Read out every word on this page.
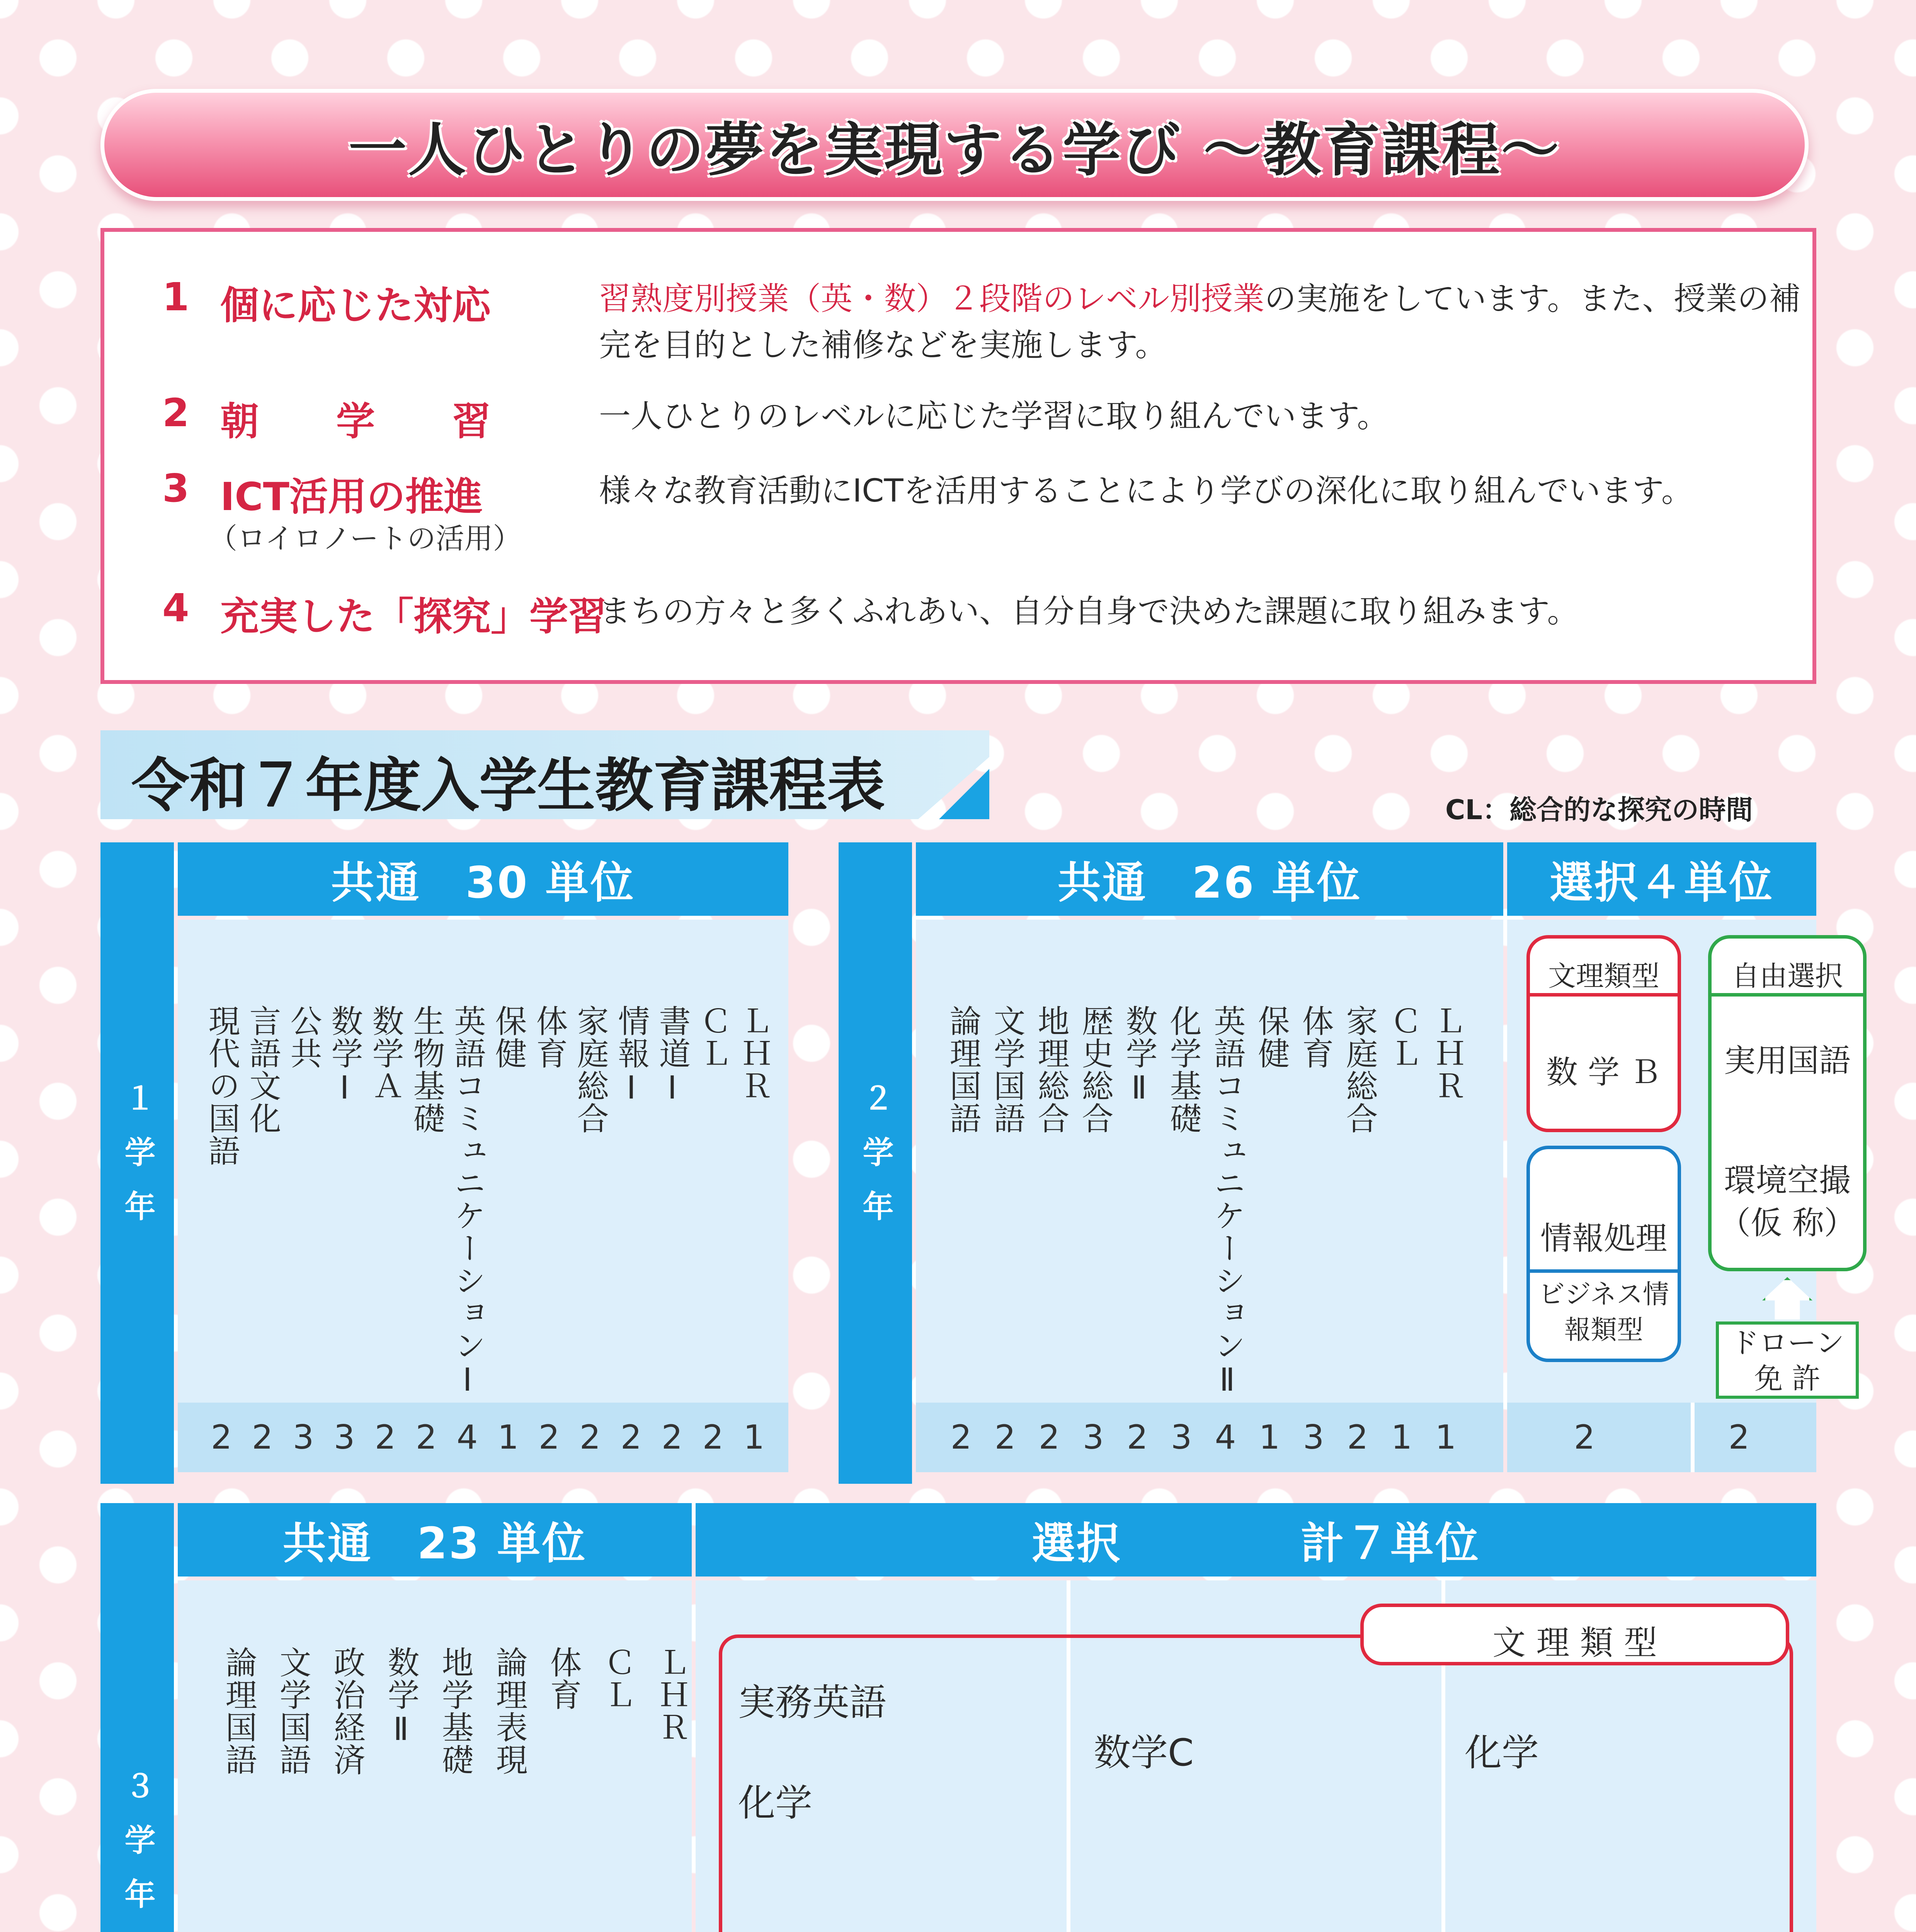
一人ひとりの夢を実現する学び ～教育課程～
1 個に応じた対応	習熟度別授業（英・数）２段階のレベル別授業の実施をしています。また、授業の補完を目的とした補修などを実施します。
2 朝　　学　　習	一人ひとりのレベルに応じた学習に取り組んでいます。
3 ICT活用の推進
（ロイロノートの活用）
様々な教育活動にICTを活用することにより学びの深化に取り組んでいます。
4 充実した「探究」学習
まちの方々と多くふれあい、自分自身で決めた課題に取り組みます。
令和７年度入学生教育課程表	CL：総合的な探究の時間
１学年
共通　30 単位
現代の国語 言語文化 公共 数学Ⅰ 数学Ａ 生物基礎 英語コミュニケーションⅠ 保健 体育 家庭総合 情報Ⅰ 書道Ⅰ ＣＬ ＬＨＲ
2 2 3 3 2 2 4 1 2 2 2 2 2 1
２学年
共通　26 単位	選択４単位
論理国語 文学国語 地理総合 歴史総合 数学Ⅱ 化学基礎 英語コミュニケーションⅡ 保健 体育 家庭総合 ＣＬ ＬＨＲ
文理類型
数 学 Ｂ
情報処理
ビジネス情報類型
自由選択
実用国語
環境空撮
（仮 称）
ドローン免 許
2 2 2 3 2 3 4 1 3 2 1 1	2	2
３学年
共通　23 単位	選択　　　　計７単位
論理国語 文学国語 政治経済 数学Ⅱ 地学基礎 論理表現 体育 ＣＬ ＬＨＲ
文 理 類 型
実務英語
化学
数学C	化学
